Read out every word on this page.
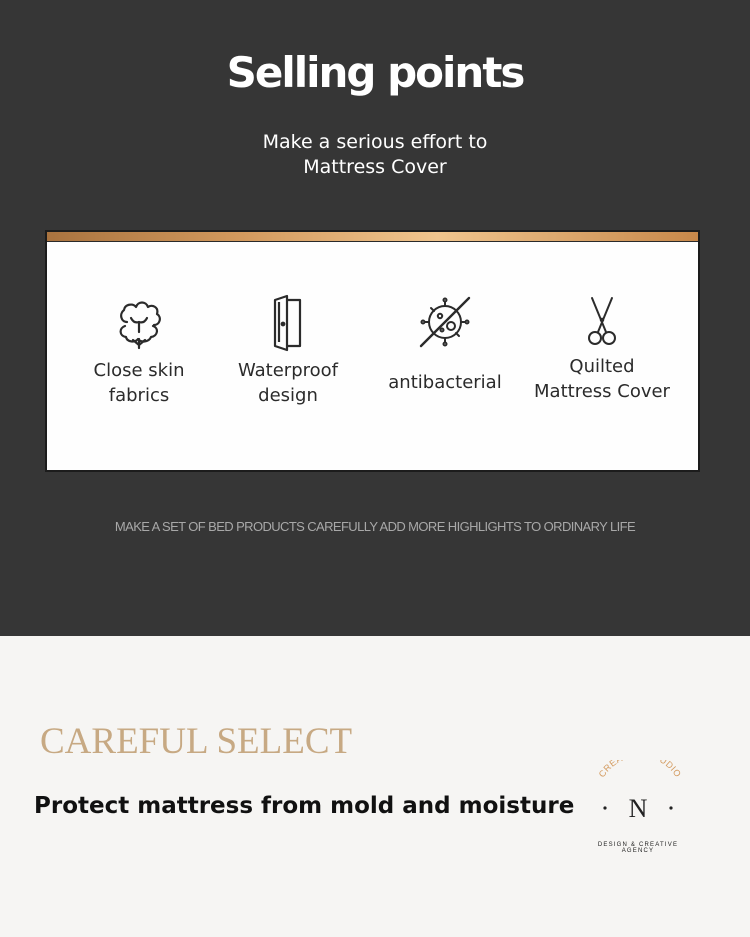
Selling points
Make a serious effort to
Mattress Cover
Close skin
fabrics
Waterproof
design
antibacterial
Quilted
Mattress Cover
MAKE A SET OF BED PRODUCTS CAREFULLY ADD MORE HIGHLIGHTS TO ORDINARY LIFE
CAREFUL SELECT
Protect mattress from mold and moisture
CRE UDIO
N
DESIGN & CREATIVE
AGENCY
